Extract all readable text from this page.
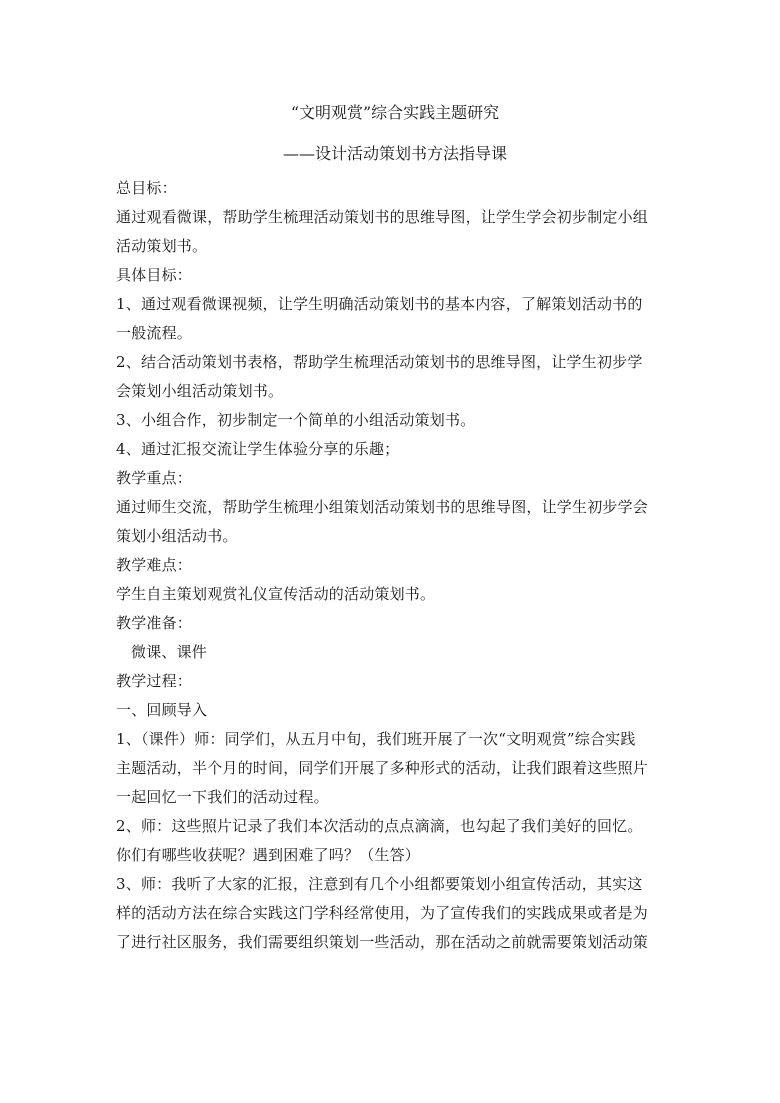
“文明观赏”综合实践主题研究

——设计活动策划书方法指导课

总目标：

通过观看微课，帮助学生梳理活动策划书的思维导图，让学生学会初步制定小组

活动策划书。

具体目标：

1、通过观看微课视频，让学生明确活动策划书的基本内容，了解策划活动书的

一般流程。

2、结合活动策划书表格，帮助学生梳理活动策划书的思维导图，让学生初步学

会策划小组活动策划书。

3、小组合作，初步制定一个简单的小组活动策划书。

4、通过汇报交流让学生体验分享的乐趣；

教学重点：

通过师生交流，帮助学生梳理小组策划活动策划书的思维导图，让学生初步学会

策划小组活动书。

教学难点：

学生自主策划观赏礼仪宣传活动的活动策划书。

教学准备：

微课、课件

教学过程：

一、回顾导入

1、（课件）师：同学们，从五月中旬，我们班开展了一次“文明观赏”综合实践

主题活动，半个月的时间，同学们开展了多种形式的活动，让我们跟着这些照片

一起回忆一下我们的活动过程。

2、师：这些照片记录了我们本次活动的点点滴滴，也勾起了我们美好的回忆。

你们有哪些收获呢？遇到困难了吗？（生答）

3、师：我听了大家的汇报，注意到有几个小组都要策划小组宣传活动，其实这

样的活动方法在综合实践这门学科经常使用，为了宣传我们的实践成果或者是为

了进行社区服务，我们需要组织策划一些活动，那在活动之前就需要策划活动策
